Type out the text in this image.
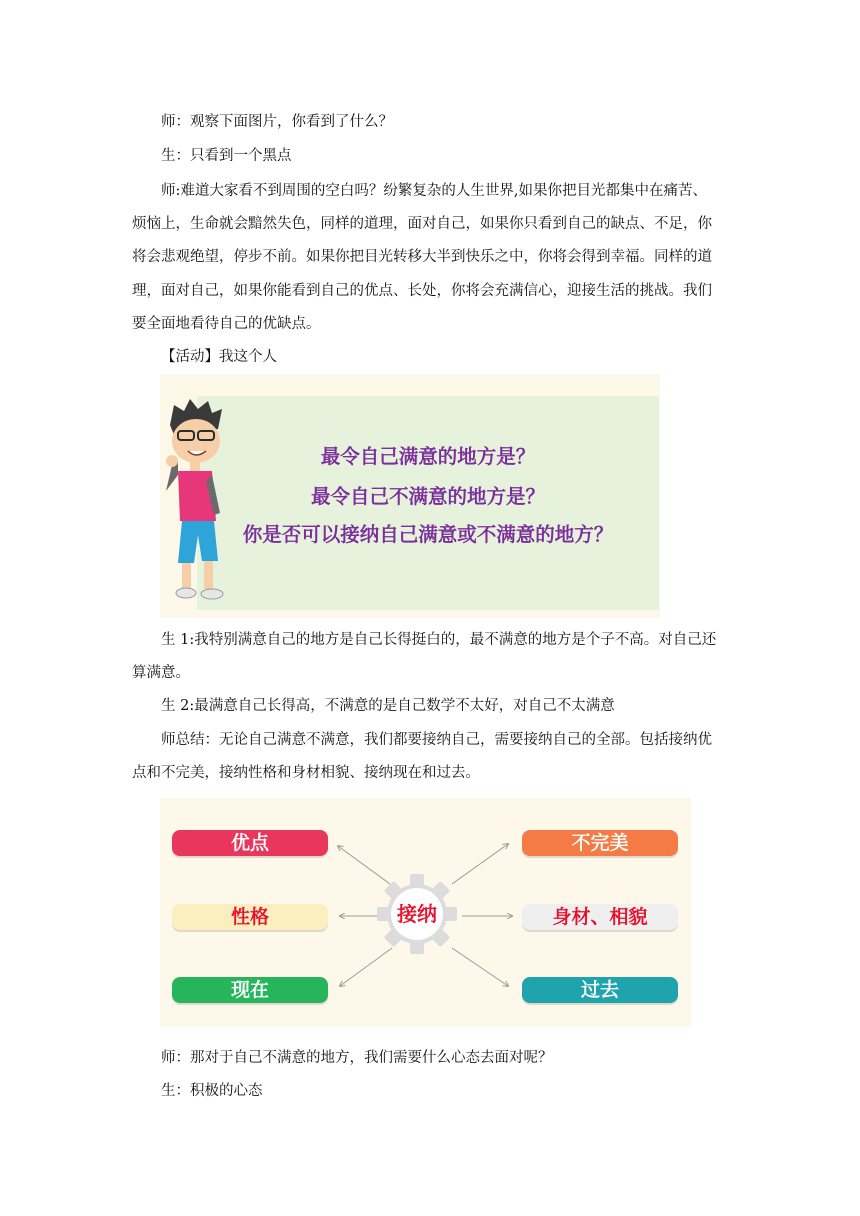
师：观察下面图片，你看到了什么？
生：只看到一个黑点
师:难道大家看不到周围的空白吗？纷繁复杂的人生世界,如果你把目光都集中在痛苦、
烦恼上，生命就会黯然失色，同样的道理，面对自己，如果你只看到自己的缺点、不足，你
将会悲观绝望，停步不前。如果你把目光转移大半到快乐之中，你将会得到幸福。同样的道
理，面对自己，如果你能看到自己的优点、长处，你将会充满信心，迎接生活的挑战。我们
要全面地看待自己的优缺点。
【活动】我这个人
最令自己满意的地方是？
最令自己不满意的地方是？
你是否可以接纳自己满意或不满意的地方？
生 1:我特别满意自己的地方是自己长得挺白的，最不满意的地方是个子不高。对自己还
算满意。
生 2:最满意自己长得高，不满意的是自己数学不太好，对自己不太满意
师总结：无论自己满意不满意，我们都要接纳自己，需要接纳自己的全部。包括接纳优
点和不完美，接纳性格和身材相貌、接纳现在和过去。
接纳
优点
性格
现在
不完美
身材、相貌
过去
师：那对于自己不满意的地方，我们需要什么心态去面对呢？
生：积极的心态
